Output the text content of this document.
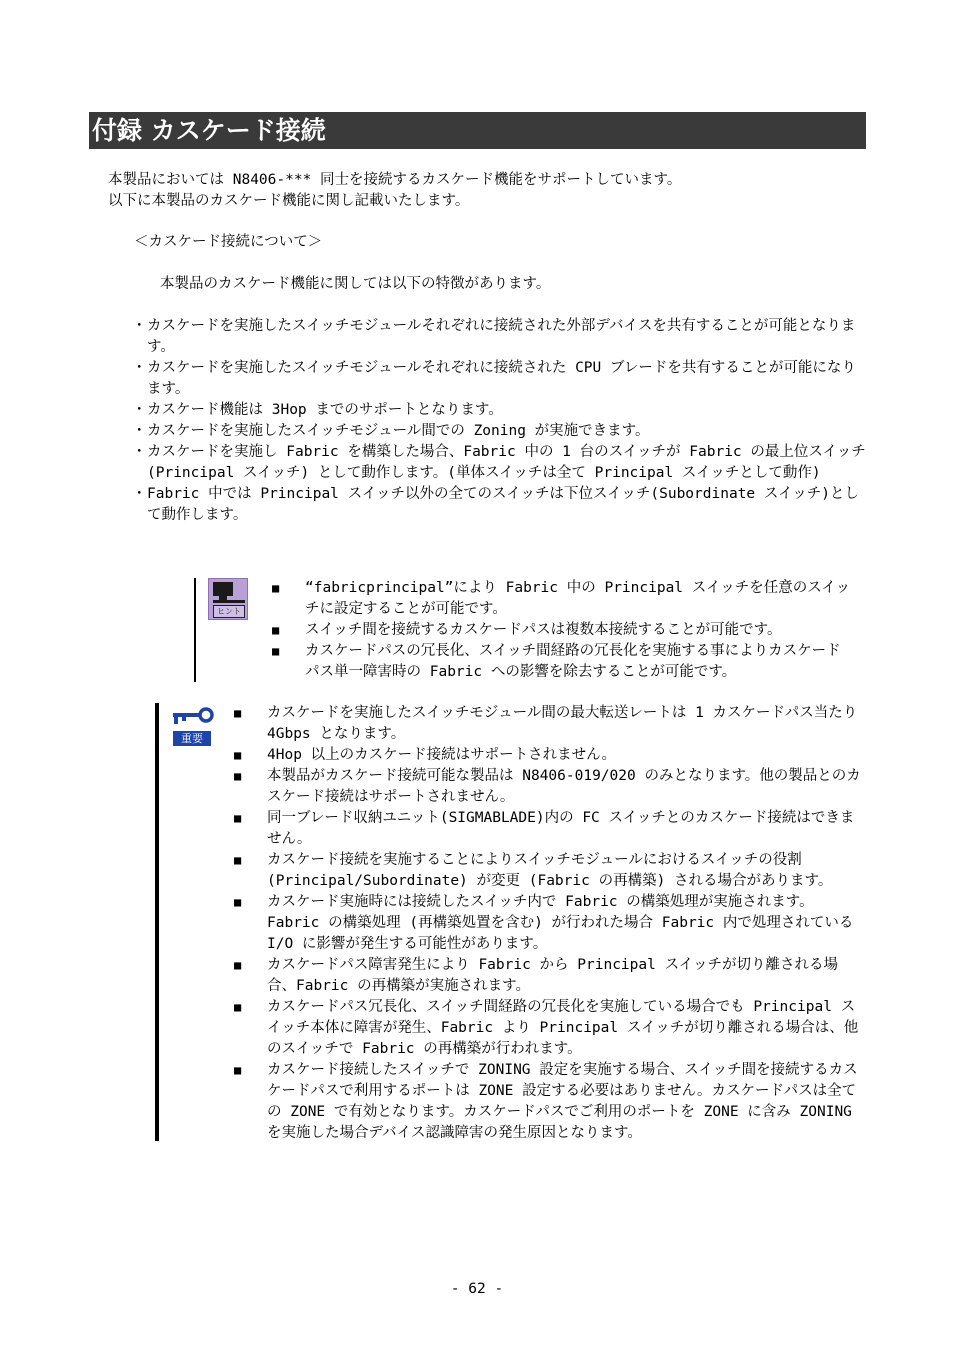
付録 カスケード接続

本製品においては N8406-*** 同士を接続するカスケード機能をサポートしています。

以下に本製品のカスケード機能に関し記載いたします。

＜カスケード接続について＞
本製品のカスケード機能に関しては以下の特徴があります。
・ カスケードを実施したスイッチモジュールそれぞれに接続された外部デバイスを共有することが可能となります。
・ カスケードを実施したスイッチモジュールそれぞれに接続された CPU ブレードを共有することが可能になります。
・ カスケード機能は 3Hop までのサポートとなります。
・ カスケードを実施したスイッチモジュール間での Zoning が実施できます。
・ カスケードを実施し Fabric を構築した場合、Fabric 中の 1 台のスイッチが Fabric の最上位スイッチ (Principal スイッチ) として動作します。(単体スイッチは全て Principal スイッチとして動作)
・ Fabric 中では Principal スイッチ以外の全てのスイッチは下位スイッチ(Subordinate スイッチ)として動作します。
ヒント
■ “fabricprincipal”により Fabric 中の Principal スイッチを任意のスイッチに設定することが可能です。
■ スイッチ間を接続するカスケードパスは複数本接続することが可能です。
■ カスケードパスの冗長化、スイッチ間経路の冗長化を実施する事によりカスケードパス単一障害時の Fabric への影響を除去することが可能です。
重要
■ カスケードを実施したスイッチモジュール間の最大転送レートは 1 カスケードパス当たり 4Gbps となります。
■ 4Hop 以上のカスケード接続はサポートされません。
■ 本製品がカスケード接続可能な製品は N8406-019/020 のみとなります。他の製品とのカスケード接続はサポートされません。
■ 同一ブレード収納ユニット(SIGMABLADE)内の FC スイッチとのカスケード接続はできません。
■ カスケード接続を実施することによりスイッチモジュールにおけるスイッチの役割 (Principal/Subordinate) が変更 (Fabric の再構築) される場合があります。
■ カスケード実施時には接続したスイッチ内で Fabric の構築処理が実施されます。Fabric の構築処理 (再構築処置を含む) が行われた場合 Fabric 内で処理されている I/O に影響が発生する可能性があります。
■ カスケードパス障害発生により Fabric から Principal スイッチが切り離される場合、Fabric の再構築が実施されます。
■ カスケードパス冗長化、スイッチ間経路の冗長化を実施している場合でも Principal スイッチ本体に障害が発生、Fabric より Principal スイッチが切り離される場合は、他のスイッチで Fabric の再構築が行われます。
■ カスケード接続したスイッチで ZONING 設定を実施する場合、スイッチ間を接続するカスケードパスで利用するポートは ZONE 設定する必要はありません。カスケードパスは全ての ZONE で有効となります。カスケードパスでご利用のポートを ZONE に含み ZONING を実施した場合デバイス認識障害の発生原因となります。
- 62 -
